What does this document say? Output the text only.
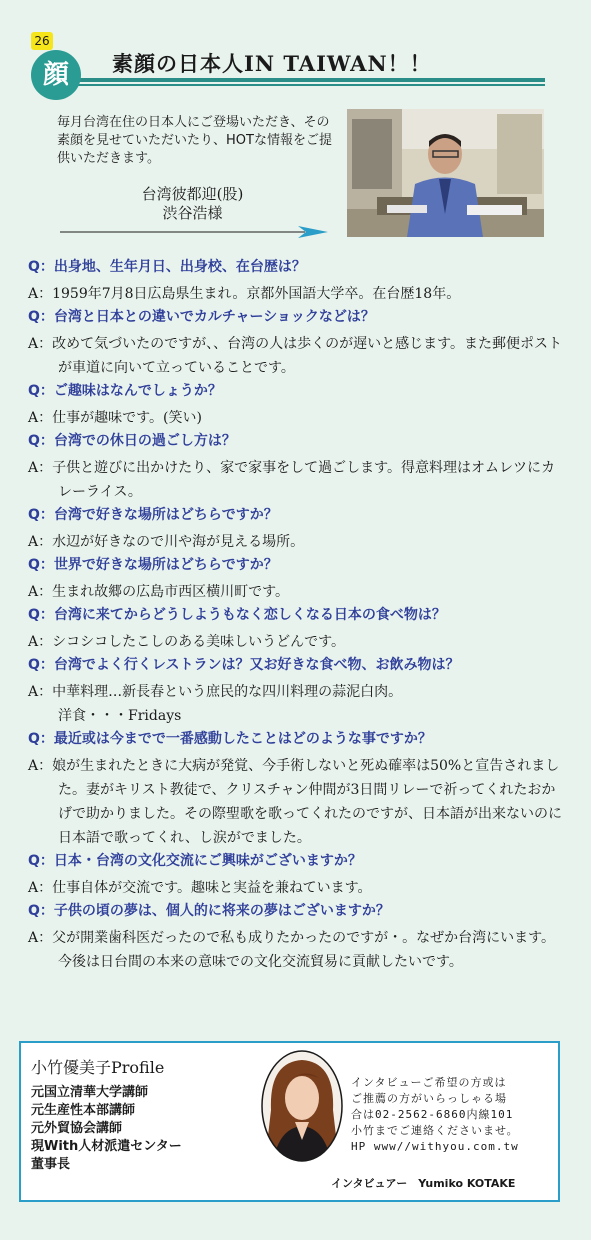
26
素顔の日本人IN TAIWAN！！
顔

毎月台湾在住の日本人にご登場いただき、その素顔を見せていただいたり、HOTな情報をご提供いただきます。

台湾彼都迎(股)
渋谷浩様

Q：出身地、生年月日、出身校、在台歴は？

A：1959年7月8日広島県生まれ。京都外国語大学卒。在台歴18年。

Q：台湾と日本との違いでカルチャーショックなどは？

A：改めて気づいたのですが、、台湾の人は歩くのが遅いと感じます。また郵便ポストが車道に向いて立っていることです。

Q：ご趣味はなんでしょうか？

A：仕事が趣味です。(笑い)

Q：台湾での休日の過ごし方は？

A：子供と遊びに出かけたり、家で家事をして過ごします。得意料理はオムレツにカレーライス。

Q：台湾で好きな場所はどちらですか？

A：水辺が好きなので川や海が見える場所。

Q：世界で好きな場所はどちらですか？

A：生まれ故郷の広島市西区横川町です。

Q：台湾に来てからどうしようもなく恋しくなる日本の食べ物は？

A：シコシコしたこしのある美味しいうどんです。

Q：台湾でよく行くレストランは？又お好きな食べ物、お飲み物は？

A：中華料理…新長春という庶民的な四川料理の蒜泥白肉。
洋食・・・Fridays

Q：最近或は今までで一番感動したことはどのような事ですか？

A：娘が生まれたときに大病が発覚、今手術しないと死ぬ確率は50%と宣告されました。妻がキリスト教徒で、クリスチャン仲間が3日間リレーで祈ってくれたおかげで助かりました。その際聖歌を歌ってくれたのですが、日本語が出来ないのに日本語で歌ってくれ、し涙がでました。

Q：日本・台湾の文化交流にご興味がございますか？

A：仕事自体が交流です。趣味と実益を兼ねています。

Q：子供の頃の夢は、個人的に将来の夢はございますか？

A：父が開業歯科医だったので私も成りたかったのですが・。なぜか台湾にいます。今後は日台間の本来の意味での文化交流貿易に貢献したいです。

小竹優美子Profile
元国立清華大学講師
元生産性本部講師
元外貿協会講師
現With人材派遣センター
董事長

インタビューご希望の方或は
ご推薦の方がいらっしゃる場
合は02-2562-6860内線101
小竹までご連絡くださいませ。
HP www//withyou.com.tw

インタビュアー　Yumiko KOTAKE
